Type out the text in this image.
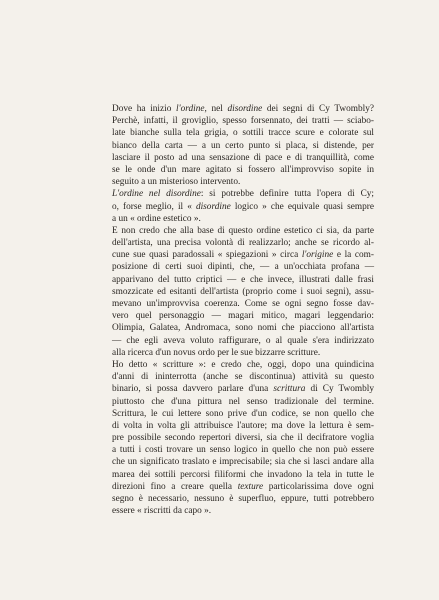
Dove ha inizio l'ordine, nel disordine dei segni di Cy Twombly?
Perchè, infatti, il groviglio, spesso forsennato, dei tratti — sciabo-
late bianche sulla tela grigia, o sottili tracce scure e colorate sul
bianco della carta — a un certo punto si placa, si distende, per
lasciare il posto ad una sensazione di pace e di tranquillità, come
se le onde d'un mare agitato si fossero all'improvviso sopite in
seguito a un misterioso intervento.
L'ordine nel disordine: si potrebbe definire tutta l'opera di Cy;
o, forse meglio, il « disordine logico » che equivale quasi sempre
a un « ordine estetico ».
E non credo che alla base di questo ordine estetico ci sia, da parte
dell'artista, una precisa volontà di realizzarlo; anche se ricordo al-
cune sue quasi paradossali « spiegazioni » circa l'origine e la com-
posizione di certi suoi dipinti, che, — a un'occhiata profana —
apparivano del tutto criptici — e che invece, illustrati dalle frasi
smozzicate ed esitanti dell'artista (proprio come i suoi segni), assu-
mevano un'improvvisa coerenza. Come se ogni segno fosse dav-
vero quel personaggio — magari mitico, magari leggendario:
Olimpia, Galatea, Andromaca, sono nomi che piacciono all'artista
— che egli aveva voluto raffigurare, o al quale s'era indirizzato
alla ricerca d'un novus ordo per le sue bizzarre scritture.
Ho detto « scritture »: e credo che, oggi, dopo una quindicina
d'anni di ininterrotta (anche se discontinua) attività su questo
binario, si possa davvero parlare d'una scrittura di Cy Twombly
piuttosto che d'una pittura nel senso tradizionale del termine.
Scrittura, le cui lettere sono prive d'un codice, se non quello che
di volta in volta gli attribuisce l'autore; ma dove la lettura è sem-
pre possibile secondo repertori diversi, sia che il decifratore voglia
a tutti i costi trovare un senso logico in quello che non può essere
che un significato traslato e imprecisabile; sia che si lasci andare alla
marea dei sottili percorsi filiformi che invadono la tela in tutte le
direzioni fino a creare quella texture particolarissima dove ogni
segno è necessario, nessuno è superfluo, eppure, tutti potrebbero
essere « riscritti da capo ».
